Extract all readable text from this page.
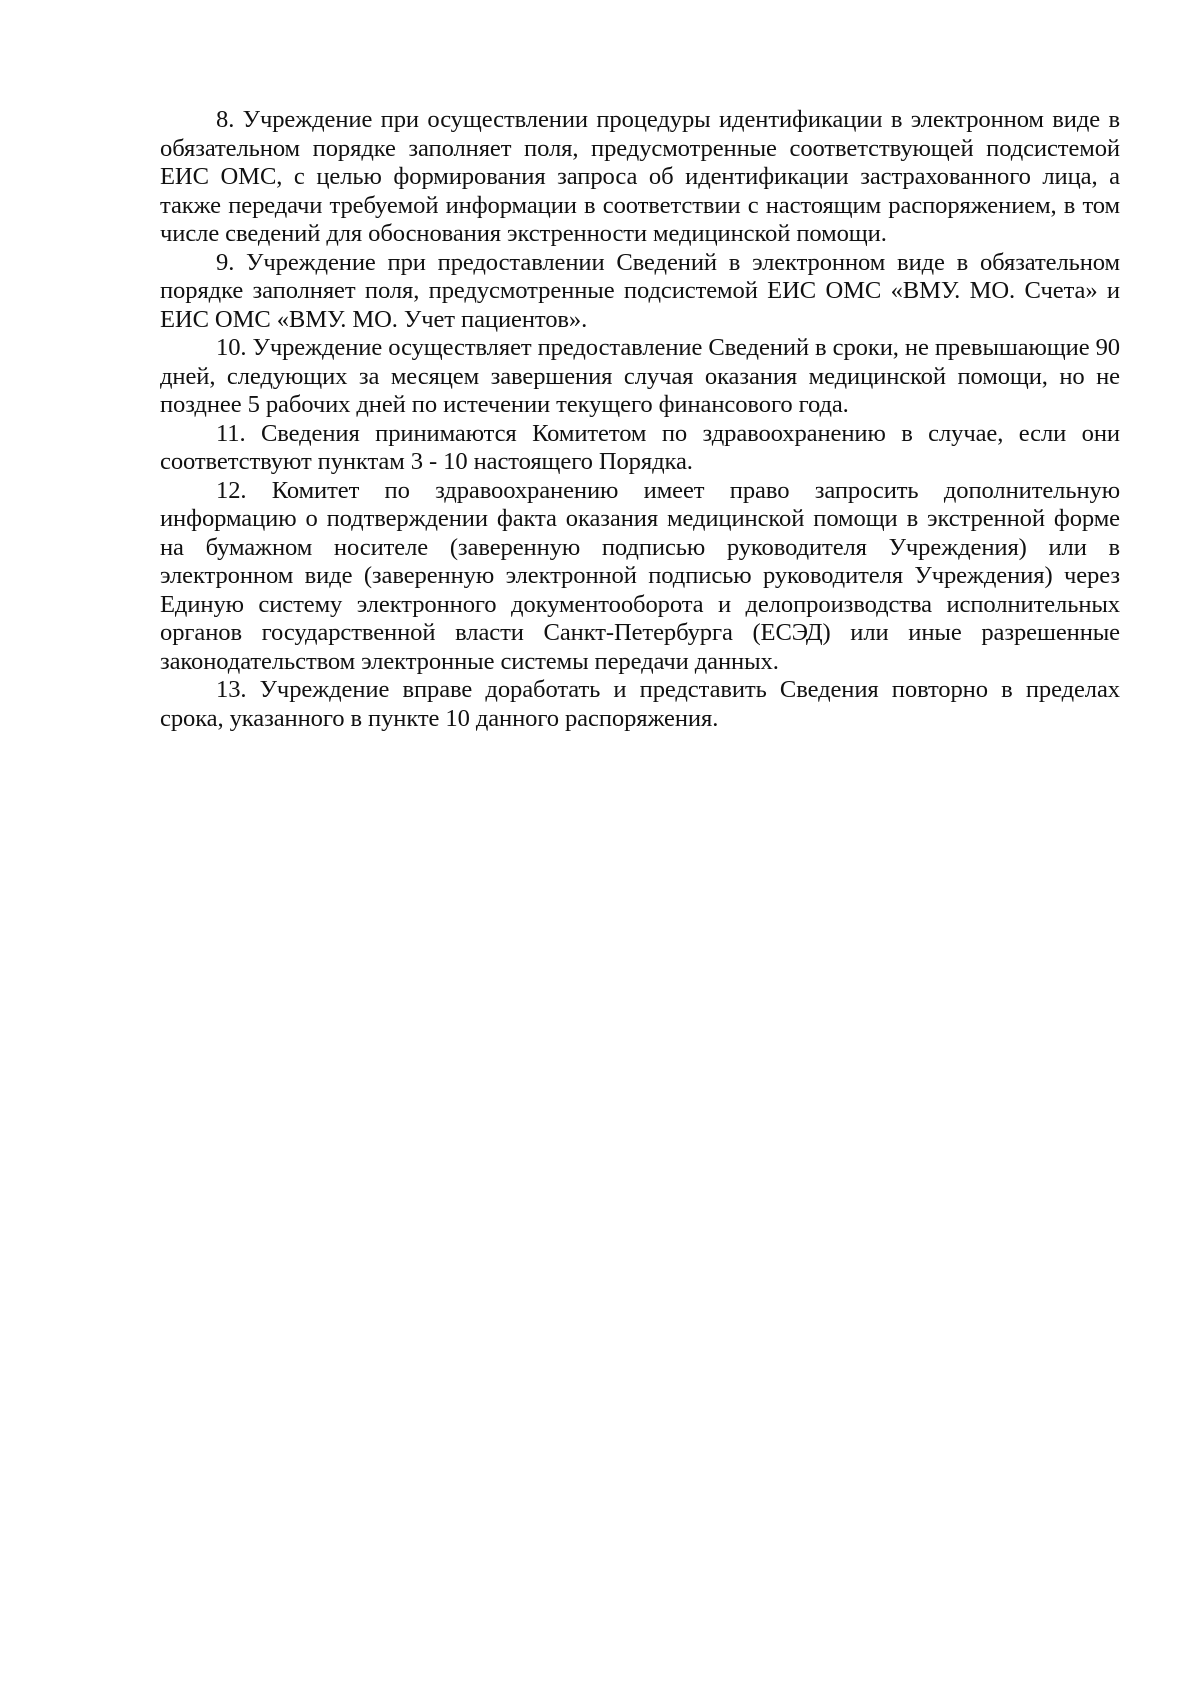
8. Учреждение при осуществлении процедуры идентификации в электронном виде в обязательном порядке заполняет поля, предусмотренные соответствующей подсистемой ЕИС ОМС, с целью формирования запроса об идентификации застрахованного лица, а также передачи требуемой информации в соответствии с настоящим распоряжением, в том числе сведений для обоснования экстренности медицинской помощи.

9. Учреждение при предоставлении Сведений в электронном виде в обязательном порядке заполняет поля, предусмотренные подсистемой ЕИС ОМС «ВМУ. МО. Счета» и ЕИС ОМС «ВМУ. МО. Учет пациентов».

10. Учреждение осуществляет предоставление Сведений в сроки, не превышающие 90 дней, следующих за месяцем завершения случая оказания медицинской помощи, но не позднее 5 рабочих дней по истечении текущего финансового года.

11. Сведения принимаются Комитетом по здравоохранению в случае, если они соответствуют пунктам 3 - 10 настоящего Порядка.

12. Комитет по здравоохранению имеет право запросить дополнительную информацию о подтверждении факта оказания медицинской помощи в экстренной форме на бумажном носителе (заверенную подписью руководителя Учреждения) или в электронном виде (заверенную электронной подписью руководителя Учреждения) через Единую систему электронного документооборота и делопроизводства исполнительных органов государственной власти Санкт-Петербурга (ЕСЭД) или иные разрешенные законодательством электронные системы передачи данных.

13. Учреждение вправе доработать и представить Сведения повторно в пределах срока, указанного в пункте 10 данного распоряжения.
